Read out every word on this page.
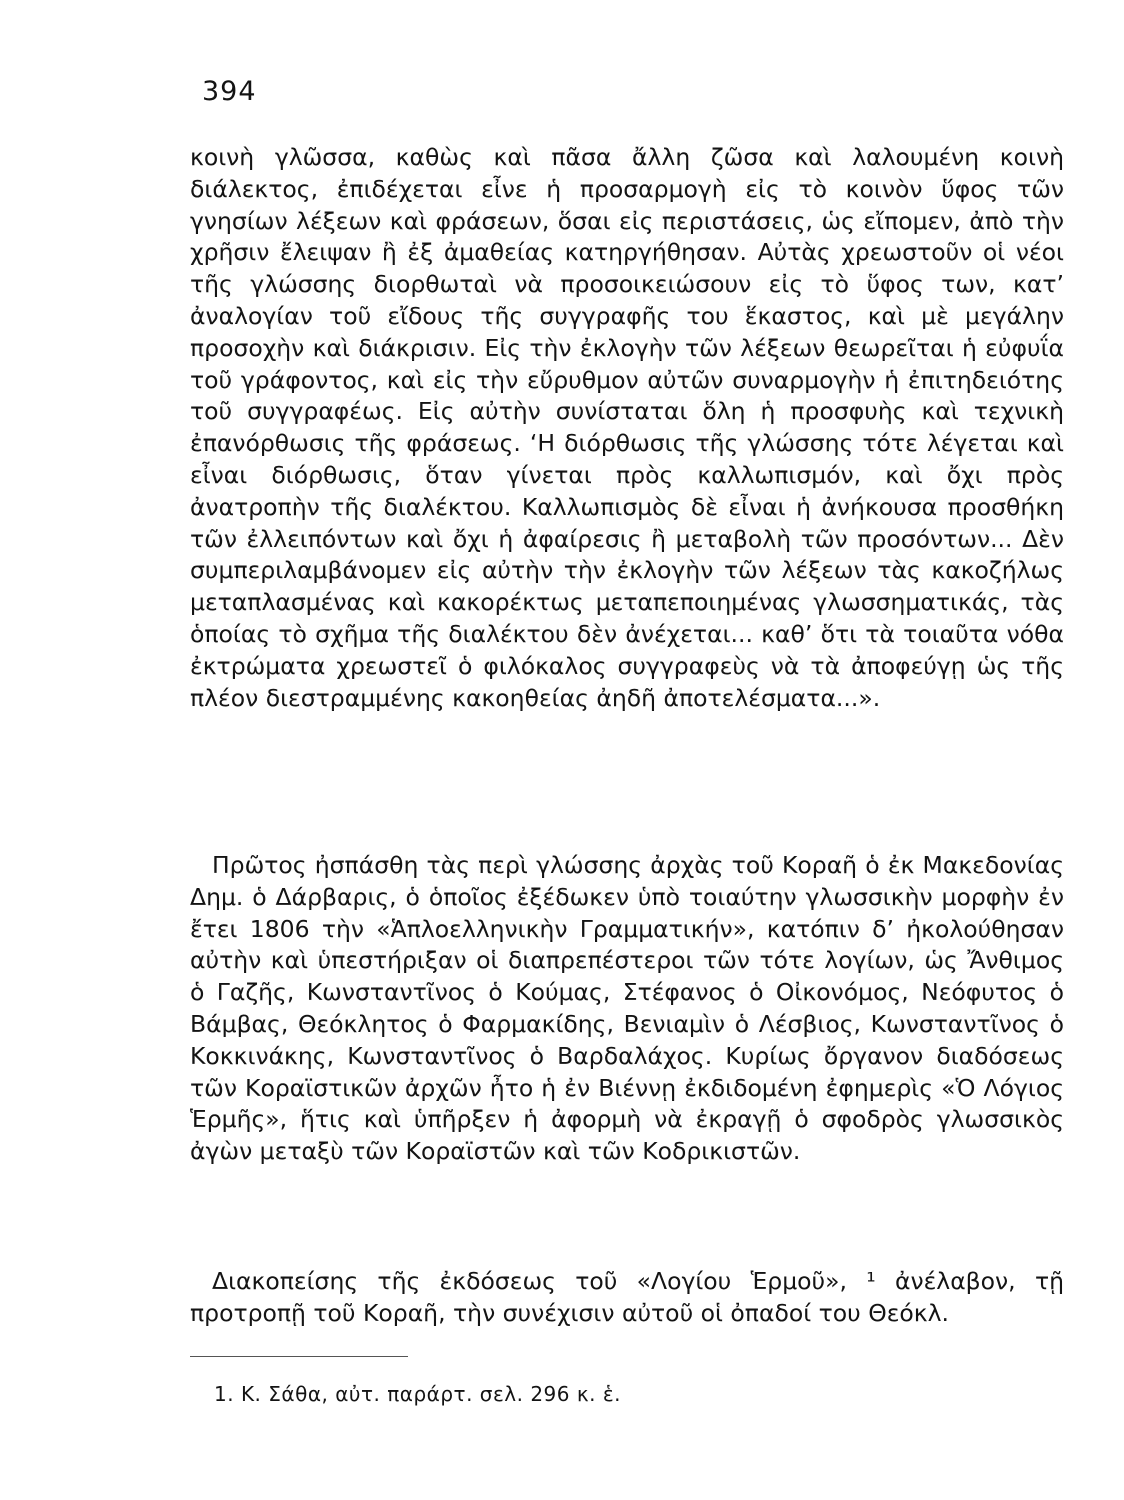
394

κοινὴ γλῶσσα, καθὼς καὶ πᾶσα ἄλλη ζῶσα καὶ λαλουμένη κοινὴ διάλεκτος, ἐπιδέχεται εἶνε ἡ προσαρμογὴ εἰς τὸ κοινὸν ὕφος τῶν γνησίων λέξεων καὶ φράσεων, ὅσαι εἰς περιστάσεις, ὡς εἴπομεν, ἀπὸ τὴν χρῆσιν ἔλειψαν ἢ ἐξ ἀμαθείας κατηργήθησαν. Αὐτὰς χρεωστοῦν οἱ νέοι τῆς γλώσσης διορθωταὶ νὰ προσοικειώσουν εἰς τὸ ὕφος των, κατ’ ἀναλογίαν τοῦ εἴδους τῆς συγγραφῆς του ἕκαστος, καὶ μὲ μεγάλην προσοχὴν καὶ διάκρισιν. Εἰς τὴν ἐκλογὴν τῶν λέξεων θεωρεῖται ἡ εὐφυΐα τοῦ γράφοντος, καὶ εἰς τὴν εὔρυθμον αὐτῶν συναρμογὴν ἡ ἐπιτηδειότης τοῦ συγγραφέως. Εἰς αὐτὴν συνίσταται ὅλη ἡ προσφυὴς καὶ τεχνικὴ ἐπανόρθωσις τῆς φράσεως. ‘Η διόρθωσις τῆς γλώσσης τότε λέγεται καὶ εἶναι διόρθωσις, ὅταν γίνεται πρὸς καλλωπισμόν, καὶ ὄχι πρὸς ἀνατροπὴν τῆς διαλέκτου. Καλλωπισμὸς δὲ εἶναι ἡ ἀνήκουσα προσθήκη τῶν ἐλλειπόντων καὶ ὄχι ἡ ἀφαίρεσις ἢ μεταβολὴ τῶν προσόντων... Δὲν συμπεριλαμβάνομεν εἰς αὐτὴν τὴν ἐκλογὴν τῶν λέξεων τὰς κακοζήλως μεταπλασμένας καὶ κακορέκτως μεταπεποιημένας γλωσσηματικάς, τὰς ὁποίας τὸ σχῆμα τῆς διαλέκτου δὲν ἀνέχεται... καθ’ ὅτι τὰ τοιαῦτα νόθα ἐκτρώματα χρεωστεῖ ὁ φιλόκαλος συγγραφεὺς νὰ τὰ ἀποφεύγῃ ὡς τῆς πλέον διεστραμμένης κακοηθείας ἀηδῆ ἀποτελέσματα...».

Πρῶτος ἠσπάσθη τὰς περὶ γλώσσης ἀρχὰς τοῦ Κοραῆ ὁ ἐκ Μακεδονίας Δημ. ὁ Δάρβαρις, ὁ ὁποῖος ἐξέδωκεν ὑπὸ τοιαύτην γλωσσικὴν μορφὴν ἐν ἔτει 1806 τὴν «Ἁπλοελληνικὴν Γραμματικήν», κατόπιν δ’ ἠκολούθησαν αὐτὴν καὶ ὑπεστήριξαν οἱ διαπρεπέστεροι τῶν τότε λογίων, ὡς Ἄνθιμος ὁ Γαζῆς, Κωνσταντῖνος ὁ Κούμας, Στέφανος ὁ Οἰκονόμος, Νεόφυτος ὁ Βάμβας, Θεόκλητος ὁ Φαρμακίδης, Βενιαμὶν ὁ Λέσβιος, Κωνσταντῖνος ὁ Κοκκινάκης, Κωνσταντῖνος ὁ Βαρδαλάχος. Κυρίως ὄργανον διαδόσεως τῶν Κοραϊστικῶν ἀρχῶν ἦτο ἡ ἐν Βιέννῃ ἐκδιδομένη ἐφημερὶς «Ὁ Λόγιος Ἑρμῆς», ἥτις καὶ ὑπῆρξεν ἡ ἀφορμὴ νὰ ἐκραγῇ ὁ σφοδρὸς γλωσσικὸς ἀγὼν μεταξὺ τῶν Κοραϊστῶν καὶ τῶν Κοδρικιστῶν.

Διακοπείσης τῆς ἐκδόσεως τοῦ «Λογίου Ἑρμοῦ», ¹ ἀνέλαβον, τῇ προτροπῇ τοῦ Κοραῆ, τὴν συνέχισιν αὐτοῦ οἱ ὀπαδοί του Θεόκλ.

1. Κ. Σάθα, αὐτ. παράρτ. σελ. 296 κ. ἑ.
